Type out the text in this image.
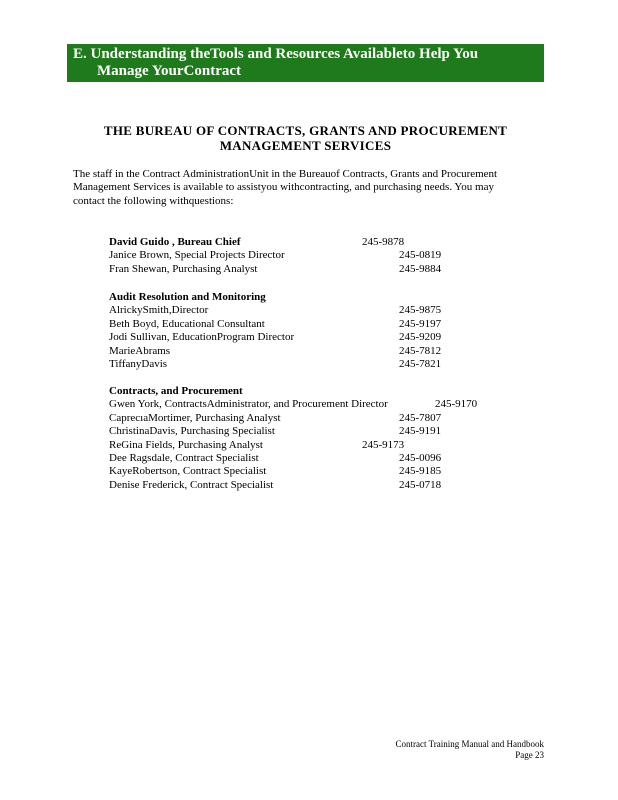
E. Understanding theTools and Resources Availableto Help You
Manage YourContract
THE BUREAU OF CONTRACTS, GRANTS AND PROCUREMENT
MANAGEMENT SERVICES
The staff in the Contract AdministrationUnit in the Bureauof Contracts, Grants and Procurement
Management Services is available to assistyou withcontracting, and purchasing needs. You may
contact the following withquestions:
David Guido , Bureau Chief	245-9878
Janice Brown, Special Projects Director	245-0819
Fran Shewan, Purchasing Analyst	245-9884
Audit Resolution and Monitoring
AlrickySmith,Director	245-9875
Beth Boyd, Educational Consultant	245-9197
Jodi Sullivan, EducationProgram Director	245-9209
MarieAbrams	245-7812
TiffanyDavis	245-7821
Contracts, and Procurement
Gwen York, ContractsAdministrator, and Procurement Director	245-9170
CaprecıaMortimer, Purchasing Analyst	245-7807
ChristinaDavis, Purchasing Specialist	245-9191
ReGina Fields, Purchasing Analyst	245-9173
Dee Ragsdale, Contract Specialist	245-0096
KayeRobertson, Contract Specialist	245-9185
Denise Frederick, Contract Specialist	245-0718
Contract Training Manual and Handbook
Page 23
